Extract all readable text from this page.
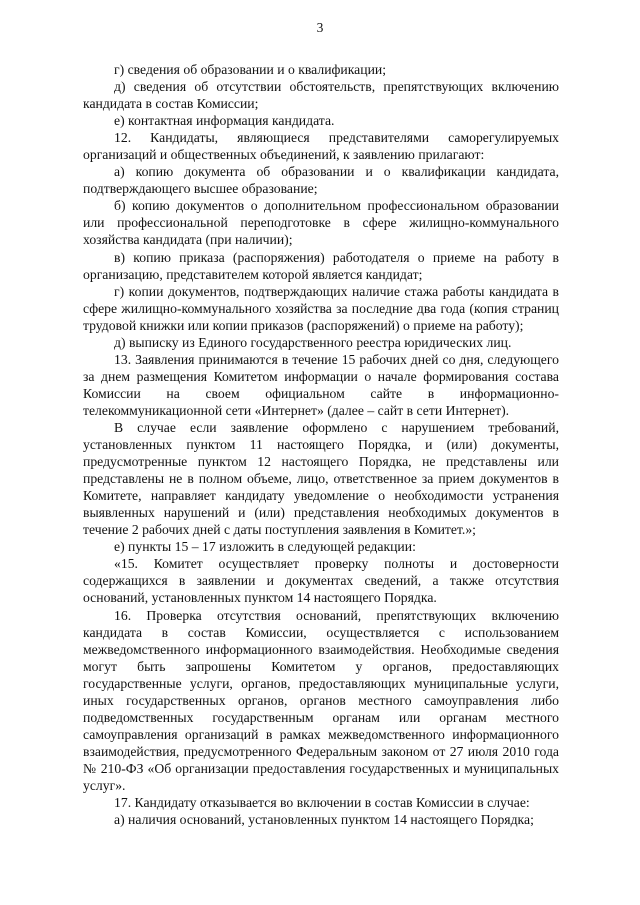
3

г) сведения об образовании и о квалификации;

д) сведения об отсутствии обстоятельств, препятствующих включению кандидата в состав Комиссии;

е) контактная информация кандидата.

12. Кандидаты, являющиеся представителями саморегулируемых организаций и общественных объединений, к заявлению прилагают:

а) копию документа об образовании и о квалификации кандидата, подтверждающего высшее образование;

б) копию документов о дополнительном профессиональном образовании или профессиональной переподготовке в сфере жилищно-коммунального хозяйства кандидата (при наличии);

в) копию приказа (распоряжения) работодателя о приеме на работу в организацию, представителем которой является кандидат;

г) копии документов, подтверждающих наличие стажа работы кандидата в сфере жилищно-коммунального хозяйства за последние два года (копия страниц трудовой книжки или копии приказов (распоряжений) о приеме на работу);

д) выписку из Единого государственного реестра юридических лиц.

13. Заявления принимаются в течение 15 рабочих дней со дня, следующего за днем размещения Комитетом информации о начале формирования состава Комиссии на своем официальном сайте в информационно-телекоммуникационной сети «Интернет» (далее – сайт в сети Интернет).

В случае если заявление оформлено с нарушением требований, установленных пунктом 11 настоящего Порядка, и (или) документы, предусмотренные пунктом 12 настоящего Порядка, не представлены или представлены не в полном объеме, лицо, ответственное за прием документов в Комитете, направляет кандидату уведомление о необходимости устранения выявленных нарушений и (или) представления необходимых документов в течение 2 рабочих дней с даты поступления заявления в Комитет.»;

е) пункты 15 – 17 изложить в следующей редакции:

«15. Комитет осуществляет проверку полноты и достоверности содержащихся в заявлении и документах сведений, а также отсутствия оснований, установленных пунктом 14 настоящего Порядка.

16. Проверка отсутствия оснований, препятствующих включению кандидата в состав Комиссии, осуществляется с использованием межведомственного информационного взаимодействия. Необходимые сведения могут быть запрошены Комитетом у органов, предоставляющих государственные услуги, органов, предоставляющих муниципальные услуги, иных государственных органов, органов местного самоуправления либо подведомственных государственным органам или органам местного самоуправления организаций в рамках межведомственного информационного взаимодействия, предусмотренного Федеральным законом от 27 июля 2010 года № 210-ФЗ «Об организации предоставления государственных и муниципальных услуг».

17. Кандидату отказывается во включении в состав Комиссии в случае:

а) наличия оснований, установленных пунктом 14 настоящего Порядка;
